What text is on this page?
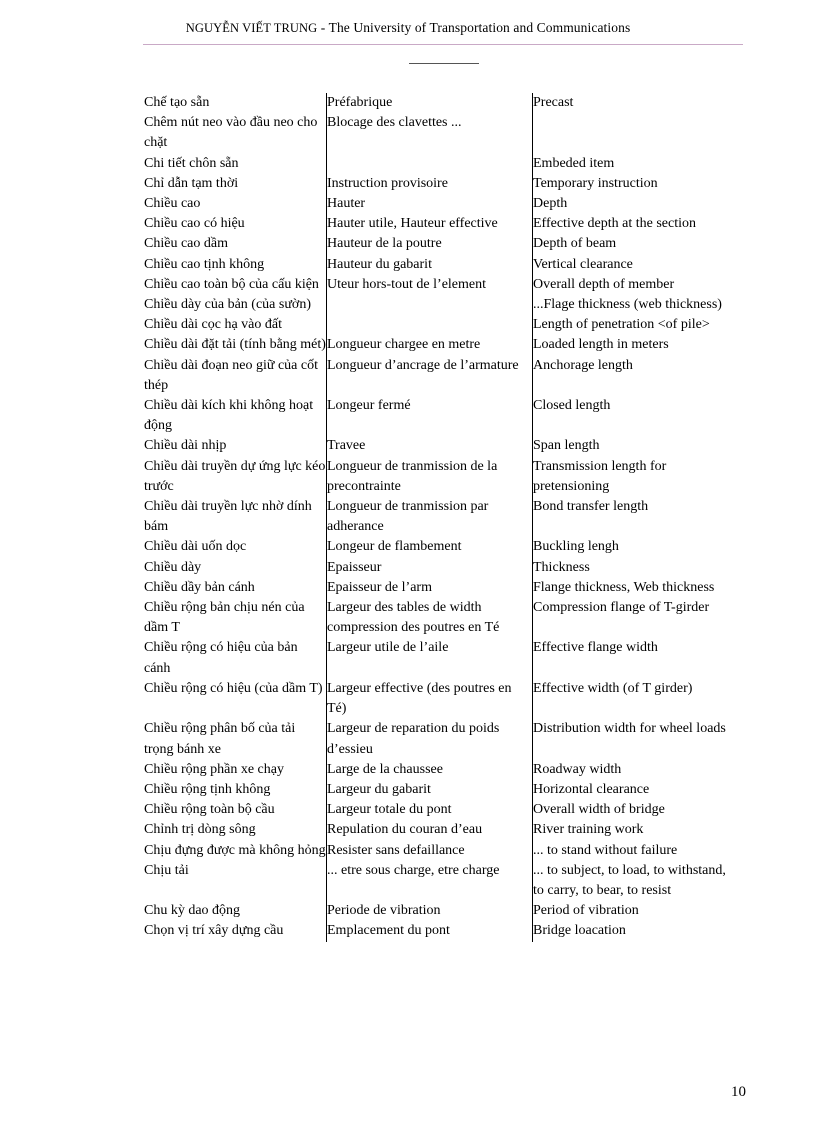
NGUYỄN VIẾT TRUNG - The University of Transportation and Communications
Chế tạo sẵn	Préfabrique	Precast
Chêm nút neo vào đầu neo cho chặt	Blocage des clavettes ...	
Chi tiết chôn sẵn		Embeded item
Chỉ dẫn tạm thời	Instruction provisoire	Temporary instruction
Chiều cao	Hauter	Depth
Chiều cao có hiệu	Hauter utile, Hauteur effective	Effective depth at the section
Chiều cao dầm	Hauteur de la poutre	Depth of beam
Chiều cao tịnh không	Hauteur du gabarit	Vertical clearance
Chiều cao toàn bộ của cấu kiện	Uteur hors-tout de l’element	Overall depth of member
Chiều dày của bản (của sườn)		...Flage thickness (web thickness)
Chiều dài cọc hạ vào đất		Length of penetration <of pile>
Chiều dài đặt tải (tính bằng mét)	Longueur chargee en metre	Loaded length in meters
Chiều dài đoạn neo giữ của cốt thép	Longueur d’ancrage de l’armature	Anchorage length
Chiều dài kích khi không hoạt động	Longeur fermé	Closed length
Chiều dài nhịp	Travee	Span length
Chiều dài truyền dự ứng lực kéo trước	Longueur de tranmission de la precontrainte	Transmission length for pretensioning
Chiều dài truyền lực nhờ dính bám	Longueur de tranmission par adherance	Bond transfer length
Chiều dài uốn dọc	Longeur de flambement	Buckling lengh
Chiều dày	Epaisseur	Thickness
Chiều dầy bản cánh	Epaisseur de l’arm	Flange thickness, Web thickness
Chiều rộng bản chịu nén của dầm T	Largeur des tables de width compression des poutres en Té	Compression flange of T-girder
Chiều rộng có hiệu của bản cánh	Largeur utile de l’aile	Effective flange width
Chiều rộng có hiệu (của dầm T)	Largeur effective (des poutres en Té)	Effective width (of T girder)
Chiều rộng phân bố của tải trọng bánh xe	Largeur de reparation du poids d’essieu	Distribution width for wheel loads
Chiều rộng phần xe chạy	Large de la chaussee	Roadway width
Chiều rộng tịnh không	Largeur du gabarit	Horizontal clearance
Chiều rộng toàn bộ cầu	Largeur totale du pont	Overall width of bridge
Chỉnh trị dòng sông	Repulation du couran d’eau	River training work
Chịu đựng được mà không hỏng	Resister sans defaillance	... to stand without failure
Chịu tải	... etre sous charge, etre charge	... to subject, to load, to withstand, to carry, to bear, to resist
Chu kỳ dao động	Periode de vibration	Period of vibration
Chọn vị trí xây dựng cầu	Emplacement du pont	Bridge loacation
10
